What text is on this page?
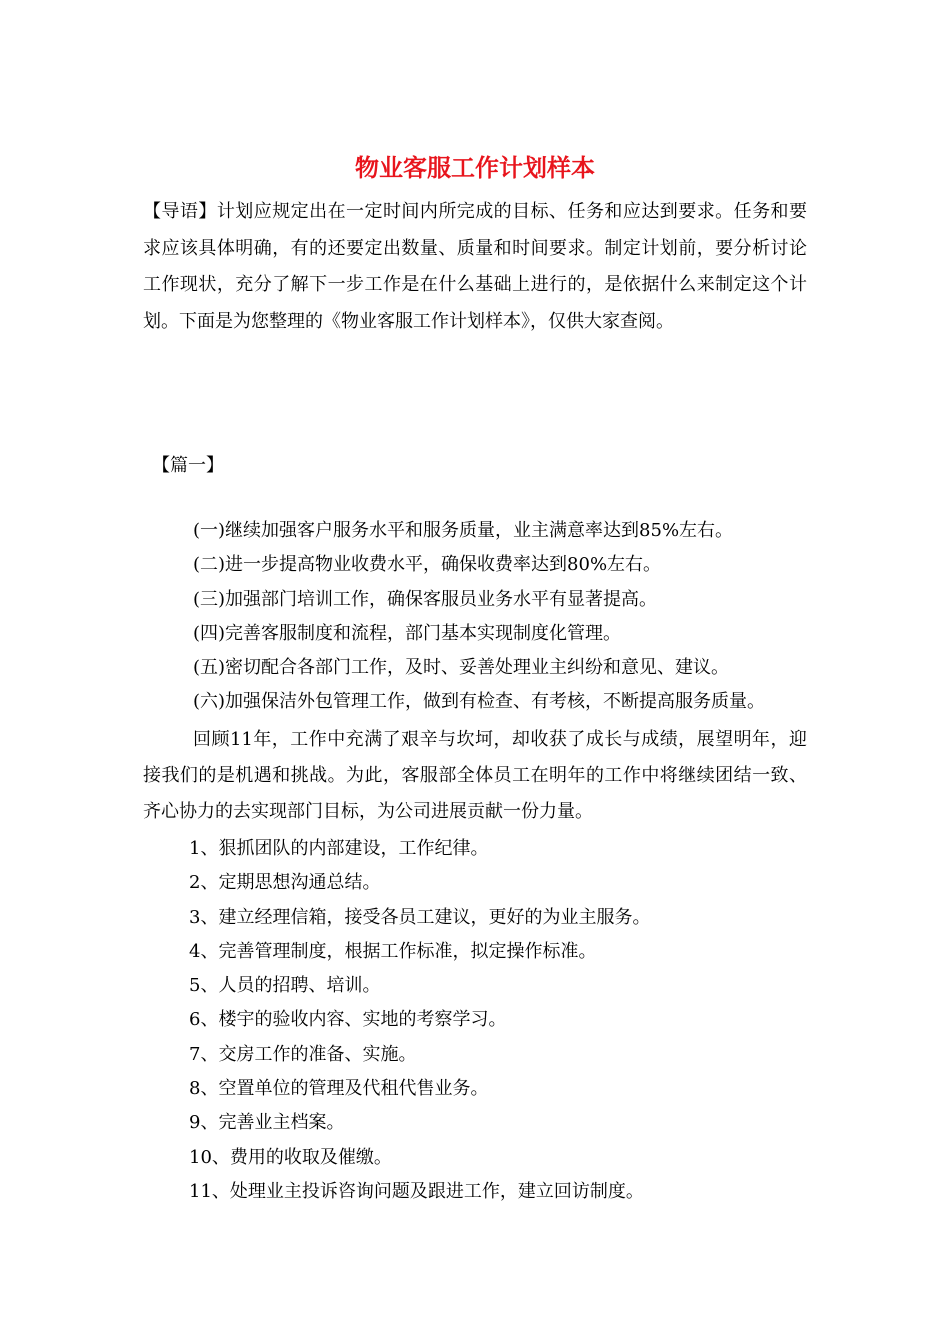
物业客服工作计划样本

【导语】计划应规定出在一定时间内所完成的目标、任务和应达到要求。任务和要求应该具体明确，有的还要定出数量、质量和时间要求。制定计划前，要分析讨论工作现状，充分了解下一步工作是在什么基础上进行的，是依据什么来制定这个计划。下面是为您整理的《物业客服工作计划样本》，仅供大家查阅。

【篇一】

(一)继续加强客户服务水平和服务质量，业主满意率达到85%左右。
(二)进一步提高物业收费水平，确保收费率达到80%左右。
(三)加强部门培训工作，确保客服员业务水平有显著提高。
(四)完善客服制度和流程，部门基本实现制度化管理。
(五)密切配合各部门工作，及时、妥善处理业主纠纷和意见、建议。
(六)加强保洁外包管理工作，做到有检查、有考核，不断提高服务质量。

回顾11年，工作中充满了艰辛与坎坷，却收获了成长与成绩，展望明年，迎接我们的是机遇和挑战。为此，客服部全体员工在明年的工作中将继续团结一致、齐心协力的去实现部门目标，为公司进展贡献一份力量。

1、狠抓团队的内部建设，工作纪律。
2、定期思想沟通总结。
3、建立经理信箱，接受各员工建议，更好的为业主服务。
4、完善管理制度，根据工作标准，拟定操作标准。
5、人员的招聘、培训。
6、楼宇的验收内容、实地的考察学习。
7、交房工作的准备、实施。
8、空置单位的管理及代租代售业务。
9、完善业主档案。
10、费用的收取及催缴。
11、处理业主投诉咨询问题及跟进工作，建立回访制度。
